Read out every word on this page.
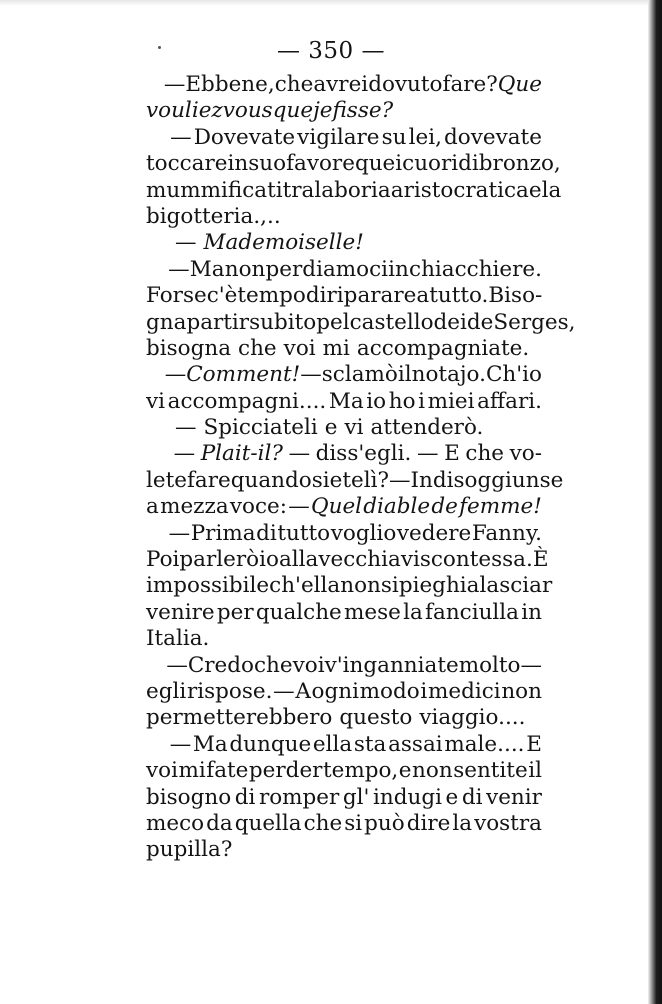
— 350 —
— Ebbene, che avrei dovuto fare? Que
vouliez vous que je fisse?
— Dovevate vigilare su lei, dovevate
toccare in suo favore quei cuori di bronzo,
mummificati tra la boria aristocratica e la
bigotteria.,..
— Mademoiselle!
— Ma non perdiamoci in chiacchiere.
Forse c'è tempo di riparare a tutto. Biso-
gna partir subito pel castello dei de Serges,
bisogna che voi mi accompagniate.
— Comment! — sclamò il notajo. Ch'io
vi accompagni.... Ma io ho i miei affari.
— Spicciateli e vi attenderò.
— Plait-il? — diss'egli. — E che vo-
lete fare quando siete lì? — Indi soggiunse
a mezza voce: — Quel diable de femme!
— Prima di tutto voglio vedere Fanny.
Poi parlerò io alla vecchia viscontessa. È
impossibile ch'ella non si pieghi a lasciar
venire per qualche mese la fanciulla in
Italia.
— Credo che voi v'inganniate molto —
egli rispose. — A ogni modo i medici non
permetterebbero questo viaggio....
— Ma dunque ella sta assai male.... E
voi mi fate perder tempo, e non sentite il
bisogno di romper gl' indugi e di venir
meco da quella che si può dire la vostra
pupilla?
